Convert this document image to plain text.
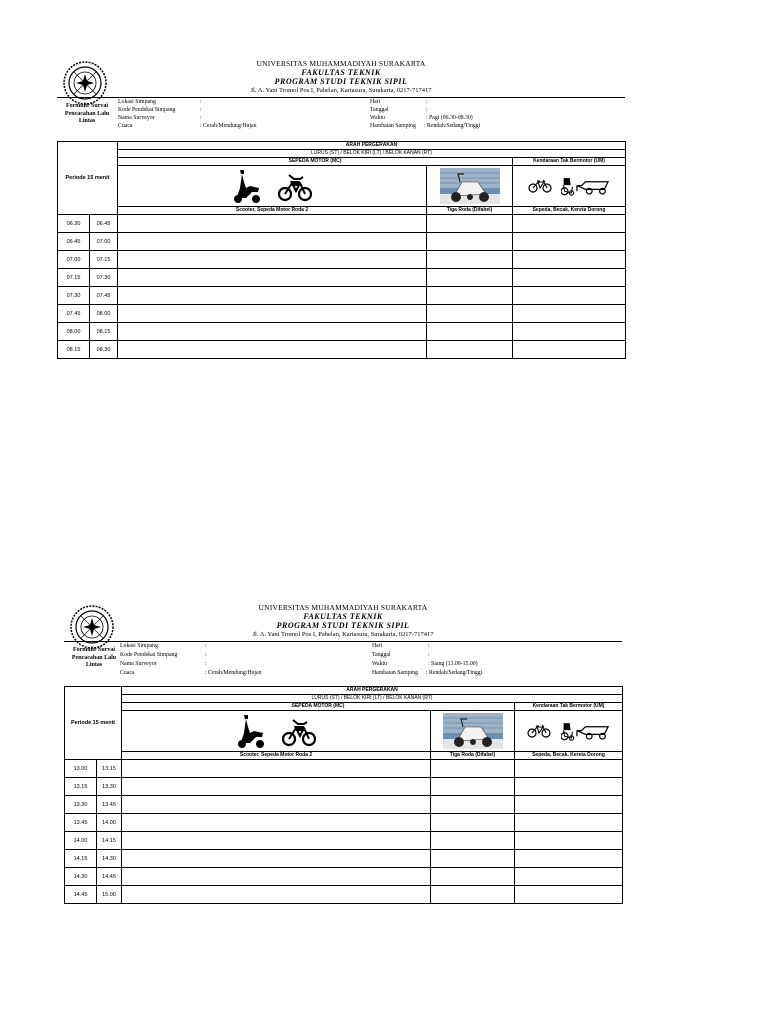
UNIVERSITAS MUHAMMADIYAH SURAKARTA
FAKULTAS TEKNIK
PROGRAM STUDI TEKNIK SIPIL
Jl. A. Yani Tromol Pos I, Pabelan, Kartasura, Surakarta, 0217-717417
Formulir Survai
Pencacahan Lalu
Lintas
Lokasi Simpang	:
Kode Pendekat Simpang	:
Nama Surveyor	:
Cuaca	: Cerah/Mendung/Hujan
Hari	:
Tanggal	:
Waktu	: Pagi (06.30-08.30)
Hambatan Samping : Rendah/Sedang/Tinggi
Periode 15 menit		ARAH PERGERAKAN		
		LURUS (ST) / BELOK KIRI (LT) / BELOK KANAN (RT)		
		SEPEDA MOTOR (MC)		Kendaraan Tak Bermotor (UM)

		Scooter, Sepeda Motor Roda 2	Tiga Roda (Difabel)	Sepeda, Becak, Kereta Dorong
06.30	06.45			
06.45	07.00			
07.00	07.15			
07.15	07.30			
07.30	07.45			
07.45	08.00			
08.00	08.15			
08.15	08.30			
UNIVERSITAS MUHAMMADIYAH SURAKARTA
FAKULTAS TEKNIK
PROGRAM STUDI TEKNIK SIPIL
Jl. A. Yani Tromol Pos I, Pabelan, Kartasura, Surakarta, 0217-717417
Formulir Survai
Pencacahan Lalu
Lintas
Lokasi Simpang	:
Kode Pendekat Simpang	:
Nama Surveyor	:
Cuaca	: Cerah/Mendung/Hujan
Hari	:
Tanggal	:
Waktu	: Siang (13.00-15.00)
Hambatan Samping : Rendah/Sedang/Tinggi
Periode 15 menit		ARAH PERGERAKAN		
		LURUS (ST) / BELOK KIRI (LT) / BELOK KANAN (RT)		
		SEPEDA MOTOR (MC)		Kendaraan Tak Bermotor (UM)

		Scooter, Sepeda Motor Roda 2	Tiga Roda (Difabel)	Sepeda, Becak, Kereta Dorong
13.00	13.15			
13.15	13.30			
13.30	13.45			
13.45	14.00			
14.00	14.15			
14.15	14.30			
14.30	14.45			
14.45	15.00			
